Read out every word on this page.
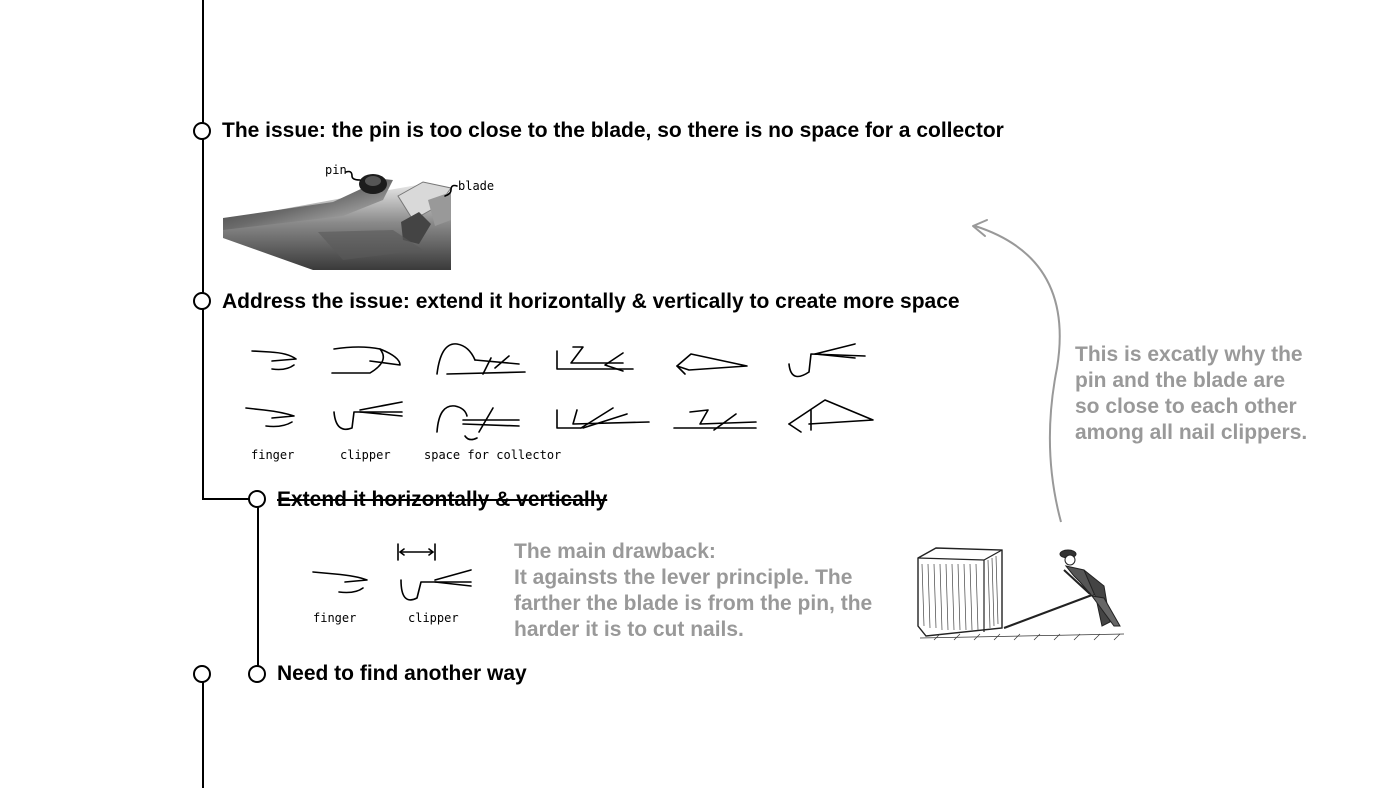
The issue: the pin is too close to the blade, so there is no space for a collector
Address the issue: extend it horizontally & vertically to create more space
Extend it horizontally & vertically
Need to find another way
pin
blade
finger	clipper	space for collector
finger	clipper
The main drawback:
It againsts the lever principle. The farther the blade is from the pin, the harder it is to cut nails.
This is excatly why the pin and the blade are so close to each other among all nail clippers.
